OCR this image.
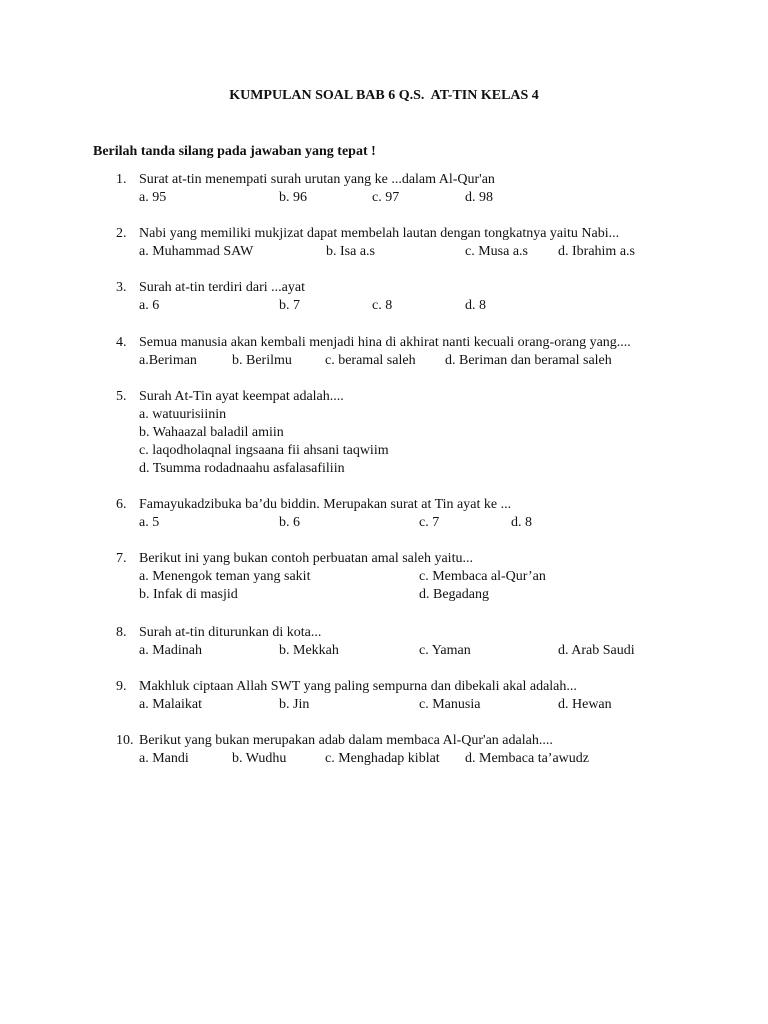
KUMPULAN SOAL BAB 6 Q.S.  AT-TIN KELAS 4
Berilah tanda silang pada jawaban yang tepat !
1. Surat at-tin menempati surah urutan yang ke ...dalam Al-Qur'an
a. 95	b. 96	c. 97	d. 98
2. Nabi yang memiliki mukjizat dapat membelah lautan dengan tongkatnya yaitu Nabi...
a. Muhammad SAW	b. Isa a.s	c. Musa a.s d. Ibrahim a.s
3. Surah at-tin terdiri dari ...ayat
a. 6	b. 7	c. 8	d. 8
4. Semua manusia akan kembali menjadi hina di akhirat nanti kecuali orang-orang yang....
a.Beriman	b. Berilmu c. beramal saleh d. Beriman dan beramal saleh
5. Surah At-Tin ayat keempat adalah....
a. watuurisiinin
b. Wahaazal baladil amiin
c. laqodholaqnal ingsaana fii ahsani taqwiim
d. Tsumma rodadnaahu asfalasafiliin
6. Famayukadzibuka ba’du biddin. Merupakan surat at Tin ayat ke ...
a. 5	b. 6	c. 7	d. 8
7. Berikut ini yang bukan contoh perbuatan amal saleh yaitu...
a. Menengok teman yang sakit	c. Membaca al-Qur’an
b. Infak di masjid	d. Begadang
8. Surah at-tin diturunkan di kota...
a. Madinah	b. Mekkah	c. Yaman	d. Arab Saudi
9. Makhluk ciptaan Allah SWT yang paling sempurna dan dibekali akal adalah...
a. Malaikat	b. Jin	c. Manusia	d. Hewan
10. Berikut yang bukan merupakan adab dalam membaca Al-Qur'an adalah....
a. Mandi	b. Wudhu	c. Menghadap kiblat d. Membaca ta’awudz
